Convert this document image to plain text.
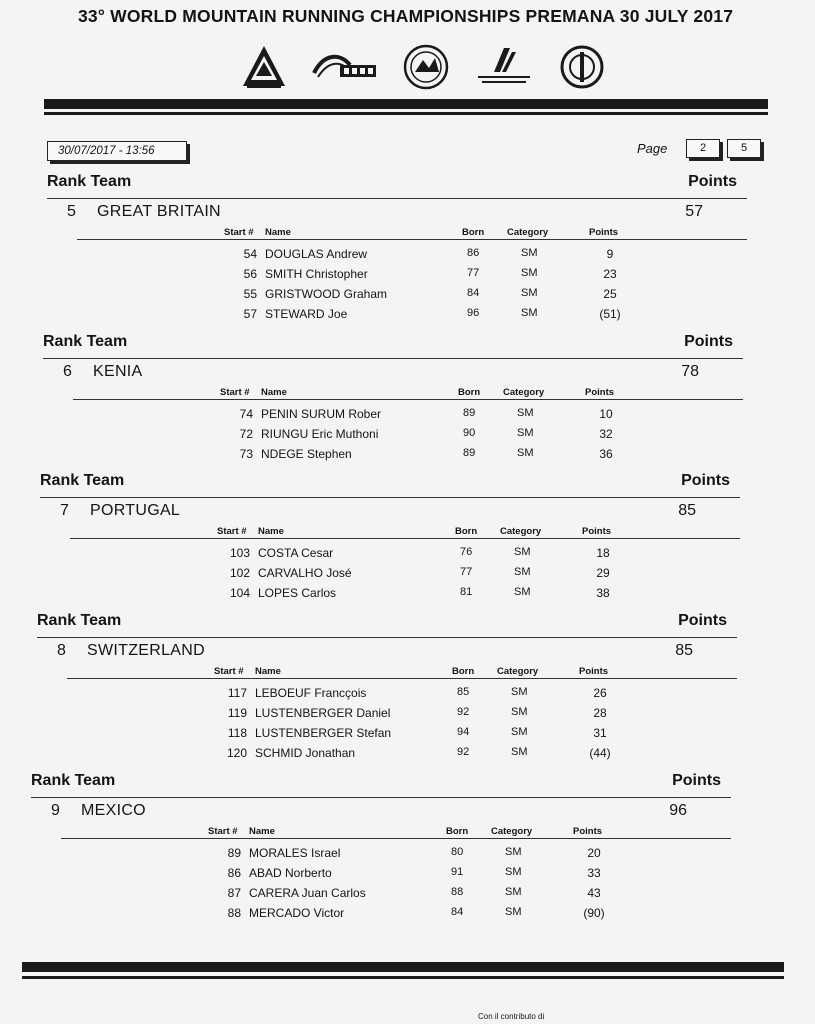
33° WORLD MOUNTAIN RUNNING CHAMPIONSHIPS PREMANA 30 JULY 2017
30/07/2017 - 13:56	Page	2	5
Rank Team	Points
5 GREAT BRITAIN	57
Start # Name	Born Category	Points
54 DOUGLAS Andrew	86	SM	9
56 SMITH Christopher	77	SM	23
55 GRISTWOOD Graham	84	SM	25
57 STEWARD Joe	96	SM	(51)
Rank Team	Points
6 KENIA	78
Start # Name	Born Category	Points
74 PENIN SURUM Rober	89	SM	10
72 RIUNGU Eric Muthoni	90	SM	32
73 NDEGE Stephen	89	SM	36
Rank Team	Points
7 PORTUGAL	85
Start # Name	Born Category	Points
103 COSTA Cesar	76	SM	18
102 CARVALHO José	77	SM	29
104 LOPES Carlos	81	SM	38
Rank Team	Points
8 SWITZERLAND	85
Start # Name	Born Category	Points
117 LEBOEUF Francçois	85	SM	26
119 LUSTENBERGER Daniel	92	SM	28
118 LUSTENBERGER Stefan	94	SM	31
120 SCHMID Jonathan	92	SM	(44)
Rank Team	Points
9 MEXICO	96
Start # Name	Born Category	Points
89 MORALES Israel	80	SM	20
86 ABAD Norberto	91	SM	33
87 CARERA Juan Carlos	88	SM	43
88 MERCADO Victor	84	SM	(90)
Con il contributo di
